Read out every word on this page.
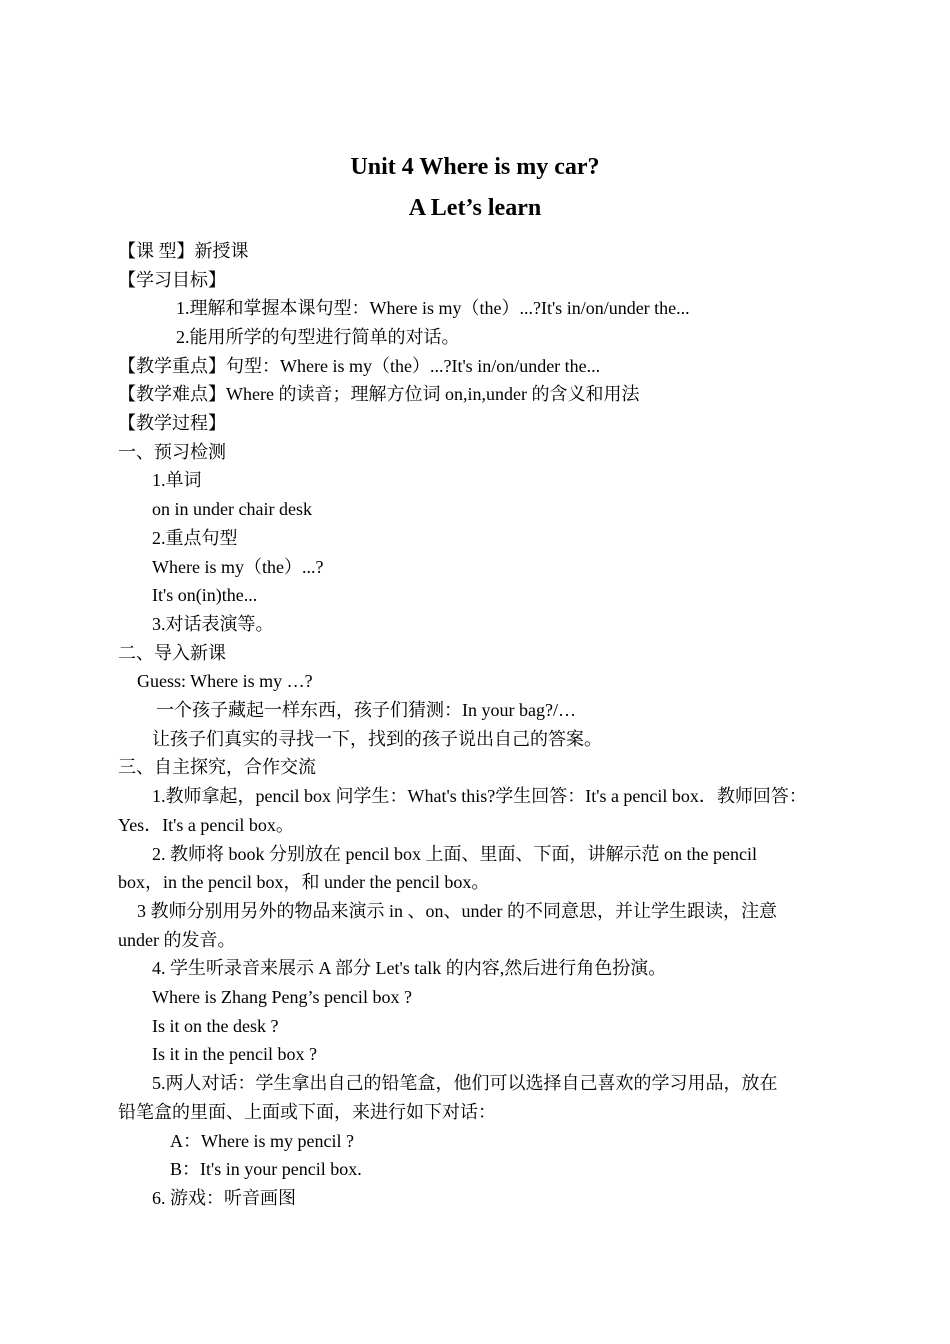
Unit 4 Where is my car?
A Let’s learn
【课 型】新授课
【学习目标】
1.理解和掌握本课句型：Where is my（the）...?It's in/on/under the...
2.能用所学的句型进行简单的对话。
【教学重点】句型：Where is my（the）...?It's in/on/under the...
【教学难点】Where 的读音；理解方位词 on,in,under 的含义和用法
【教学过程】
一、预习检测
1.单词
on in under chair desk
2.重点句型
Where is my（the）...?
It's on(in)the...
3.对话表演等。
二、导入新课
Guess: Where is my …?
一个孩子藏起一样东西，孩子们猜测：In your bag?/…
让孩子们真实的寻找一下，找到的孩子说出自己的答案。
三、自主探究，合作交流
1.教师拿起，pencil box 问学生：What's this?学生回答：It's a pencil box．教师回答：
Yes．It's a pencil box。
2. 教师将 book 分别放在 pencil box 上面、里面、下面，讲解示范 on the pencil
box，in the pencil box，和 under the pencil box。
3 教师分别用另外的物品来演示 in 、on、under 的不同意思，并让学生跟读，注意
under 的发音。
4. 学生听录音来展示 A 部分 Let's talk 的内容,然后进行角色扮演。
Where is Zhang Peng’s pencil box ?
Is it on the desk ?
Is it in the pencil box ?
5.两人对话：学生拿出自己的铅笔盒，他们可以选择自己喜欢的学习用品，放在
铅笔盒的里面、上面或下面，来进行如下对话：
A：Where is my pencil ?
B：It's in your pencil box.
6. 游戏：听音画图
